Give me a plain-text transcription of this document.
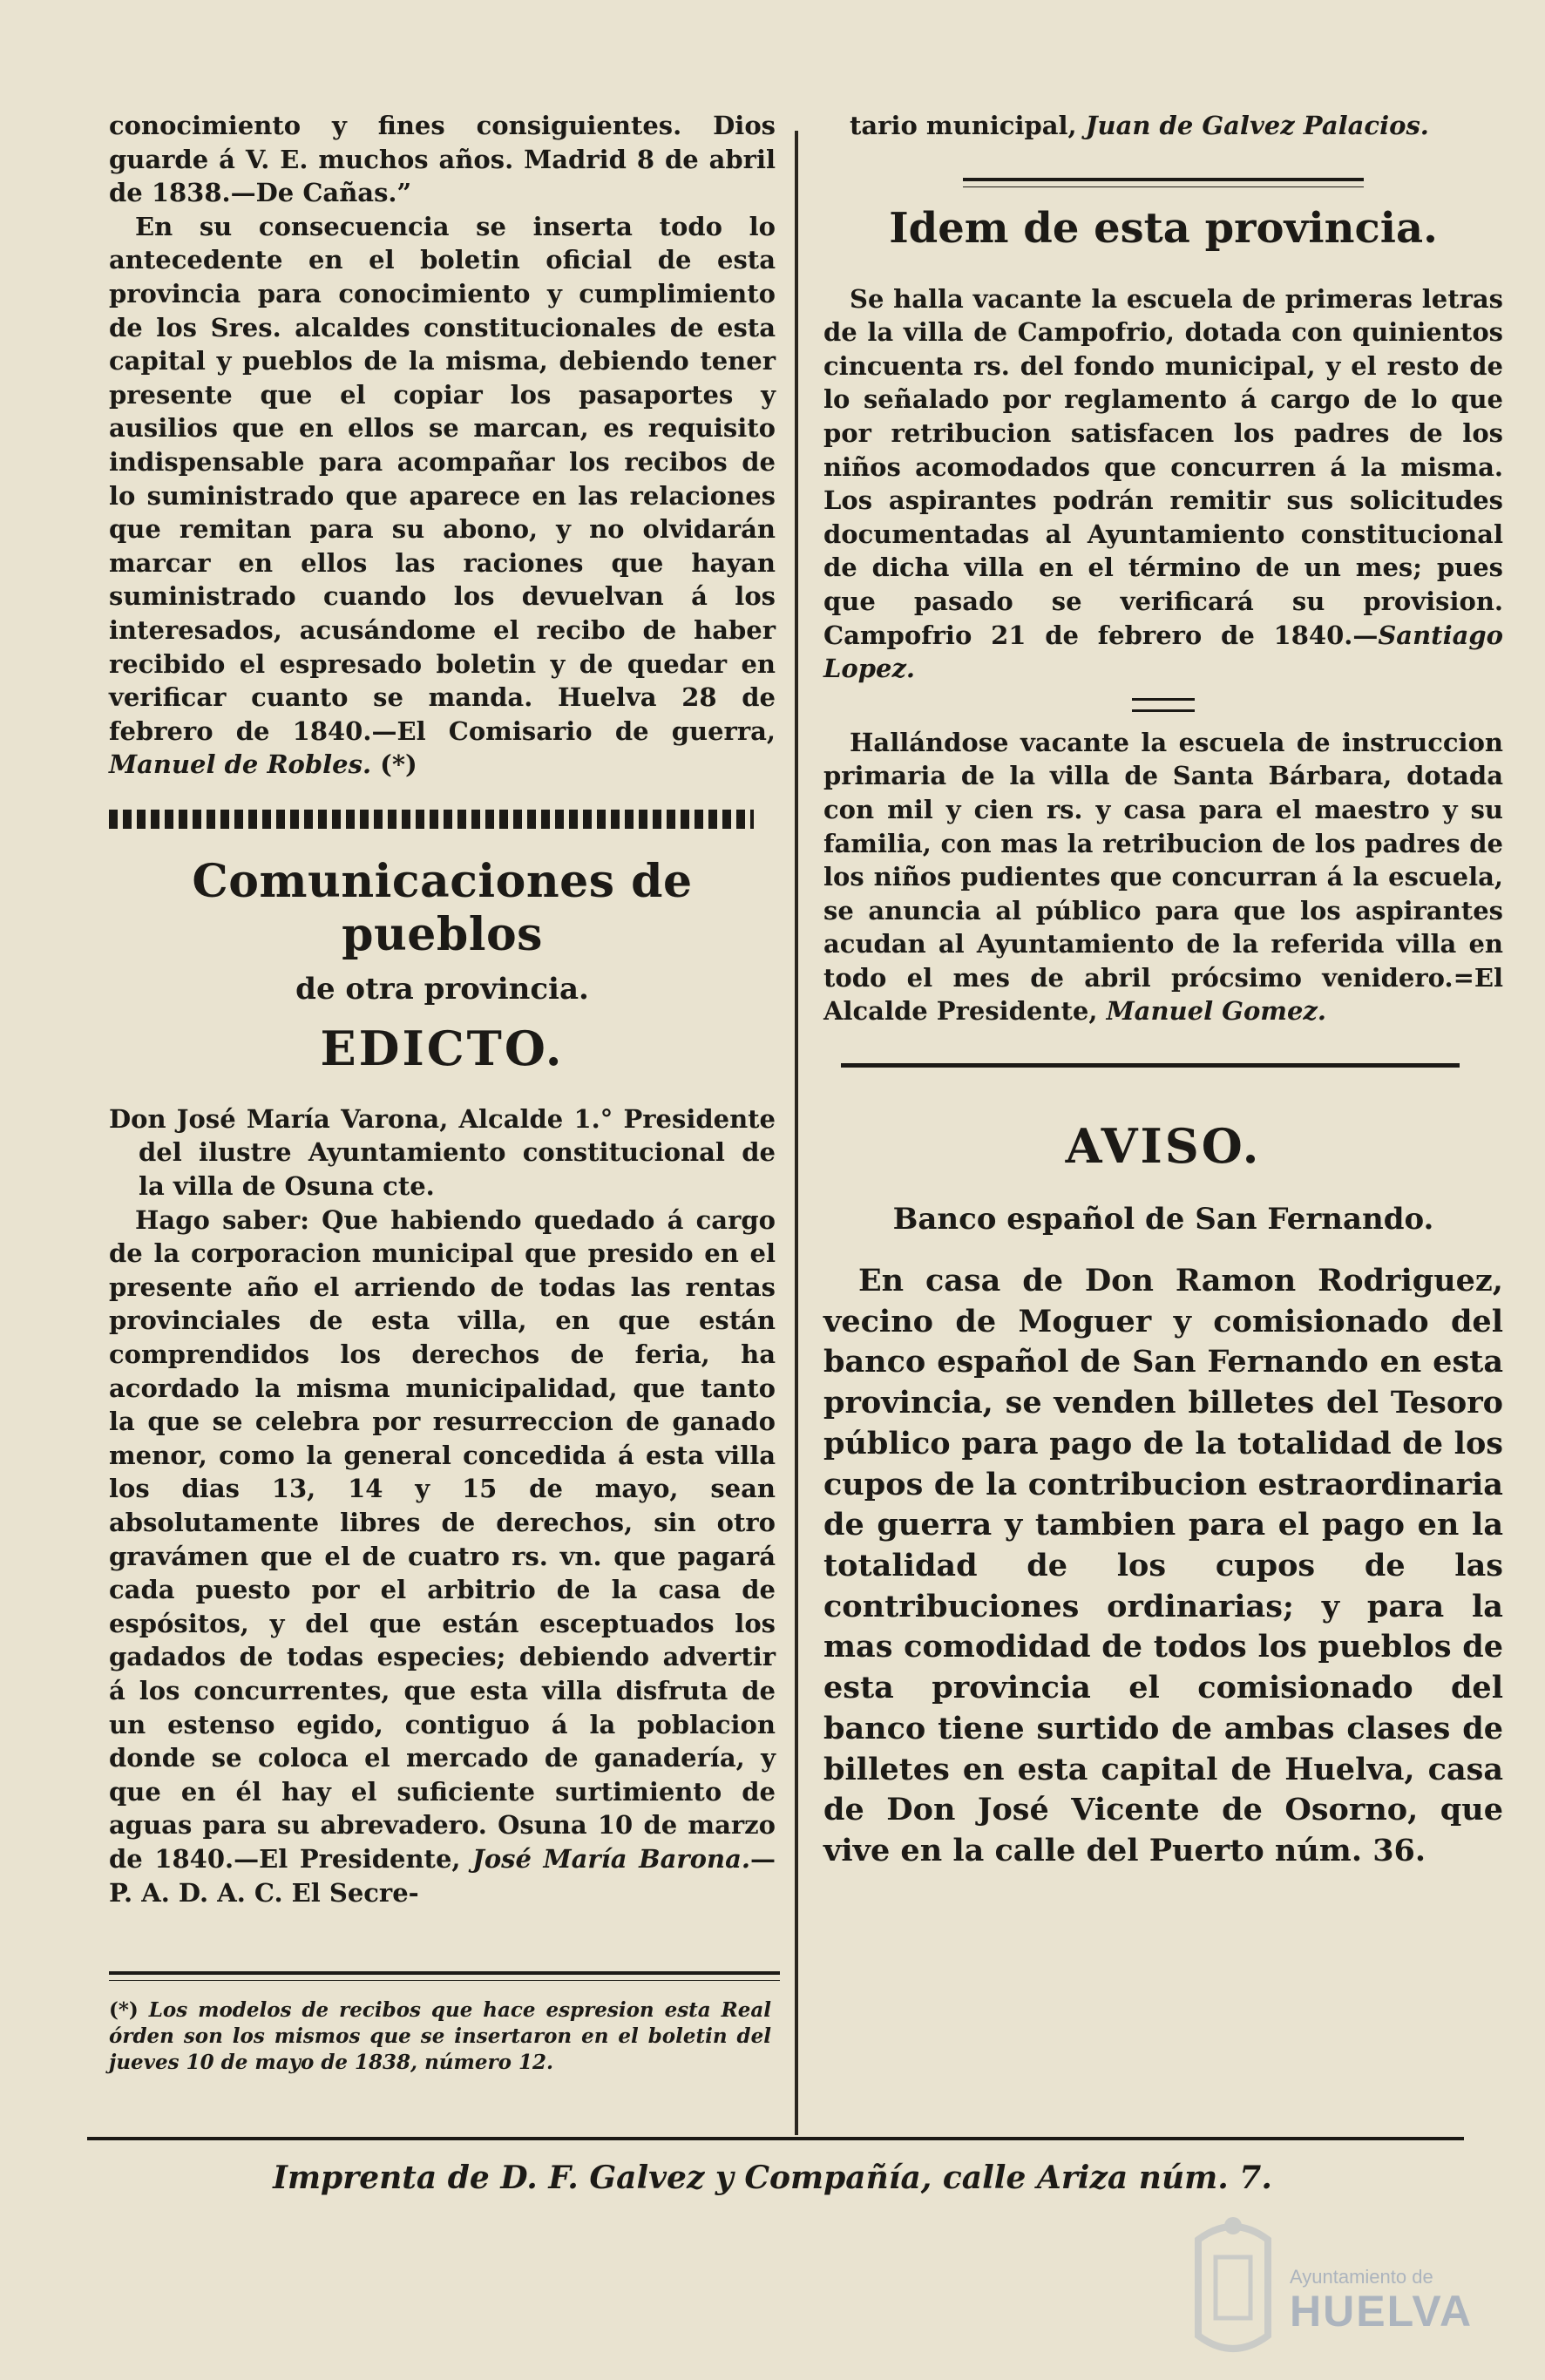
conocimiento y fines consiguientes. Dios guarde á V. E. muchos años. Madrid 8 de abril de 1838.—De Cañas.”

En su consecuencia se inserta todo lo antecedente en el boletin oficial de esta provincia para conocimiento y cumplimiento de los Sres. alcaldes constitucionales de esta capital y pueblos de la misma, debiendo tener presente que el copiar los pasaportes y ausilios que en ellos se marcan, es requisito indispensable para acompañar los recibos de lo suministrado que aparece en las relaciones que remitan para su abono, y no olvidarán marcar en ellos las raciones que hayan suministrado cuando los devuelvan á los interesados, acusándome el recibo de haber recibido el espresado boletin y de quedar en verificar cuanto se manda. Huelva 28 de febrero de 1840.—El Comisario de guerra, Manuel de Robles. (*)

Comunicaciones de pueblos
de otra provincia.
EDICTO.

Don José María Varona, Alcalde 1.° Presidente del ilustre Ayuntamiento constitucional de la villa de Osuna cte.

Hago saber: Que habiendo quedado á cargo de la corporacion municipal que presido en el presente año el arriendo de todas las rentas provinciales de esta villa, en que están comprendidos los derechos de feria, ha acordado la misma municipalidad, que tanto la que se celebra por resurreccion de ganado menor, como la general concedida á esta villa los dias 13, 14 y 15 de mayo, sean absolutamente libres de derechos, sin otro gravámen que el de cuatro rs. vn. que pagará cada puesto por el arbitrio de la casa de espósitos, y del que están esceptuados los gadados de todas especies; debiendo advertir á los concurrentes, que esta villa disfruta de un estenso egido, contiguo á la poblacion donde se coloca el mercado de ganadería, y que en él hay el suficiente surtimiento de aguas para su abrevadero. Osuna 10 de marzo de 1840.—El Presidente, José María Barona.—P. A. D. A. C. El Secre-

tario municipal, Juan de Galvez Palacios.

Idem de esta provincia.

Se halla vacante la escuela de primeras letras de la villa de Campofrio, dotada con quinientos cincuenta rs. del fondo municipal, y el resto de lo señalado por reglamento á cargo de lo que por retribucion satisfacen los padres de los niños acomodados que concurren á la misma. Los aspirantes podrán remitir sus solicitudes documentadas al Ayuntamiento constitucional de dicha villa en el término de un mes; pues que pasado se verificará su provision. Campofrio 21 de febrero de 1840.—Santiago Lopez.

Hallándose vacante la escuela de instruccion primaria de la villa de Santa Bárbara, dotada con mil y cien rs. y casa para el maestro y su familia, con mas la retribucion de los padres de los niños pudientes que concurran á la escuela, se anuncia al público para que los aspirantes acudan al Ayuntamiento de la referida villa en todo el mes de abril prócsimo venidero.=El Alcalde Presidente, Manuel Gomez.

AVISO.
Banco español de San Fernando.

En casa de Don Ramon Rodriguez, vecino de Moguer y comisionado del banco español de San Fernando en esta provincia, se venden billetes del Tesoro público para pago de la totalidad de los cupos de la contribucion estraordinaria de guerra y tambien para el pago en la totalidad de los cupos de las contribuciones ordinarias; y para la mas comodidad de todos los pueblos de esta provincia el comisionado del banco tiene surtido de ambas clases de billetes en esta capital de Huelva, casa de Don José Vicente de Osorno, que vive en la calle del Puerto núm. 36.

(*) Los modelos de recibos que hace espresion esta Real órden son los mismos que se insertaron en el boletin del jueves 10 de mayo de 1838, número 12.

Imprenta de D. F. Galvez y Compañía, calle Ariza núm. 7.
Ayuntamiento de
HUELVA
